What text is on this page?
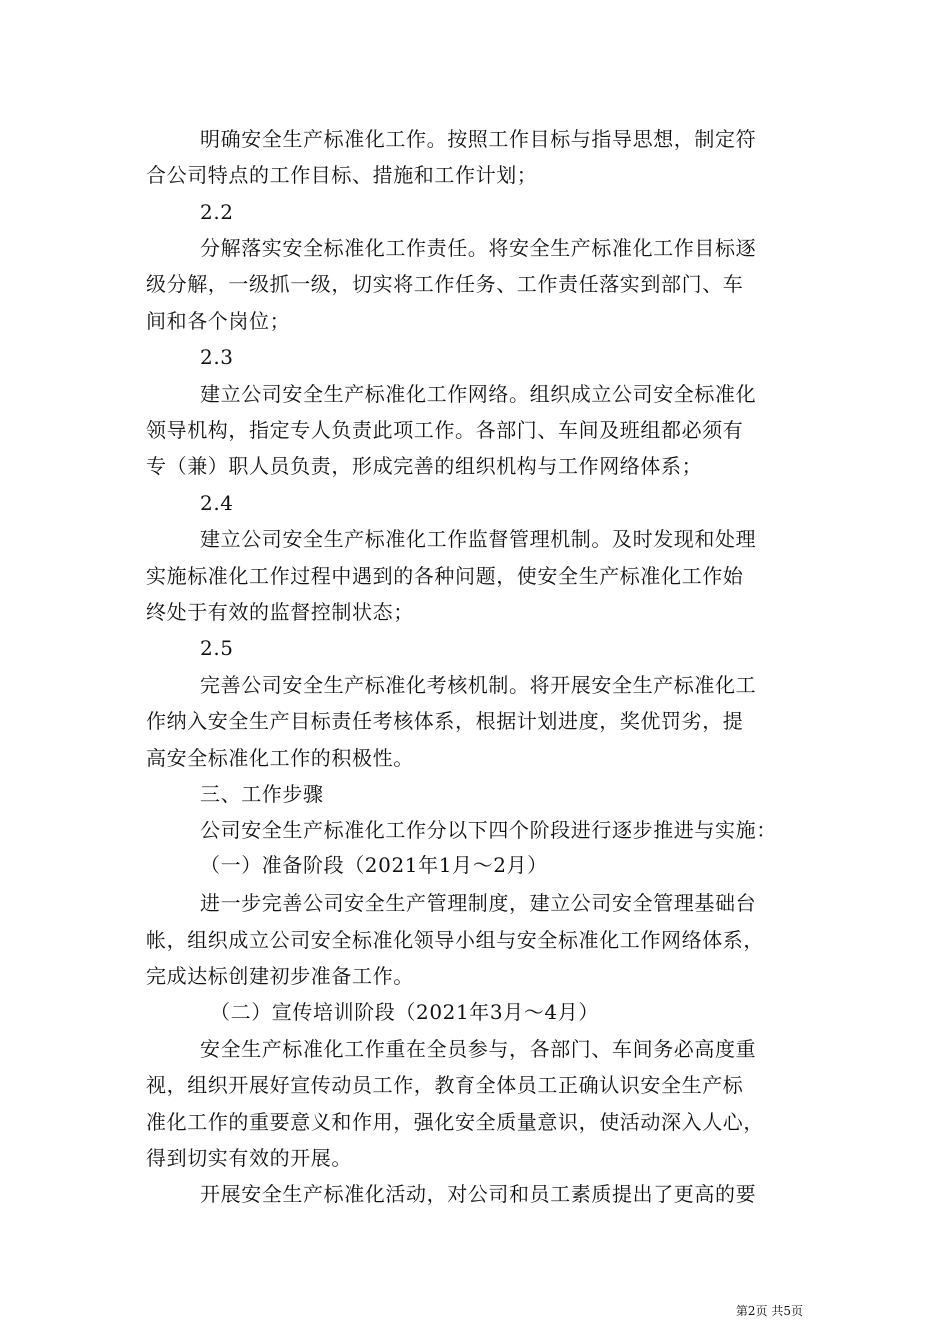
明确安全生产标准化工作。按照工作目标与指导思想，制定符
合公司特点的工作目标、措施和工作计划；
2.2
分解落实安全标准化工作责任。将安全生产标准化工作目标逐
级分解，一级抓一级，切实将工作任务、工作责任落实到部门、车
间和各个岗位；
2.3
建立公司安全生产标准化工作网络。组织成立公司安全标准化
领导机构，指定专人负责此项工作。各部门、车间及班组都必须有
专（兼）职人员负责，形成完善的组织机构与工作网络体系；
2.4
建立公司安全生产标准化工作监督管理机制。及时发现和处理
实施标准化工作过程中遇到的各种问题，使安全生产标准化工作始
终处于有效的监督控制状态；
2.5
完善公司安全生产标准化考核机制。将开展安全生产标准化工
作纳入安全生产目标责任考核体系，根据计划进度，奖优罚劣，提
高安全标准化工作的积极性。
三、工作步骤
公司安全生产标准化工作分以下四个阶段进行逐步推进与实施：
（一）准备阶段（2021年1月～2月）
进一步完善公司安全生产管理制度，建立公司安全管理基础台
帐，组织成立公司安全标准化领导小组与安全标准化工作网络体系，
完成达标创建初步准备工作。
（二）宣传培训阶段（2021年3月～4月）
安全生产标准化工作重在全员参与，各部门、车间务必高度重
视，组织开展好宣传动员工作，教育全体员工正确认识安全生产标
准化工作的重要意义和作用，强化安全质量意识，使活动深入人心，
得到切实有效的开展。
开展安全生产标准化活动，对公司和员工素质提出了更高的要
第2页 共5页
